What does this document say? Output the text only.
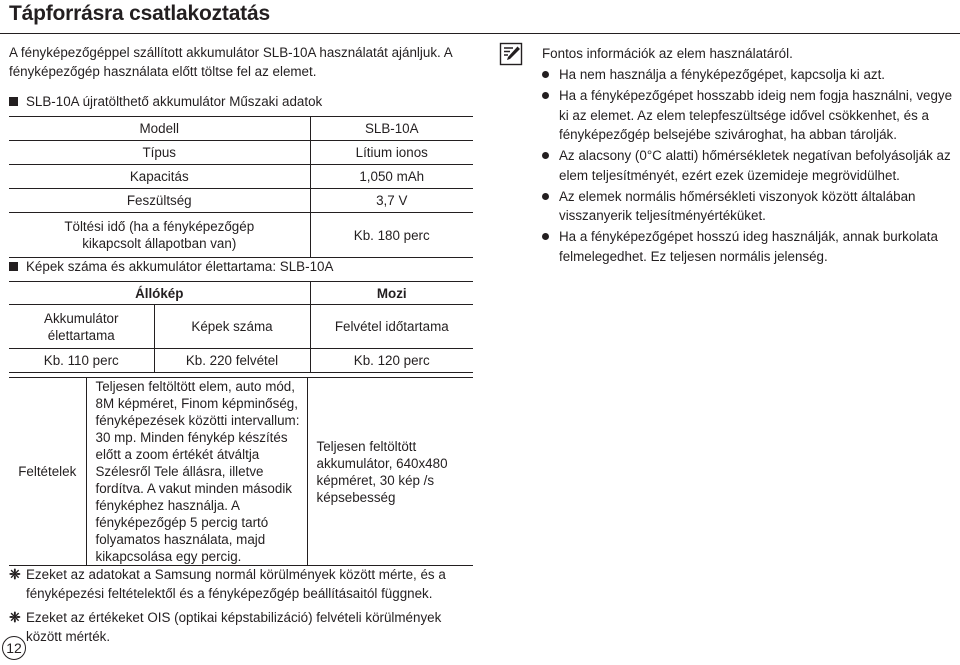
Tápforrásra csatlakoztatás
A fényképezőgéppel szállított akkumulátor SLB-10A használatát ajánljuk. A fényképezőgép használata előtt töltse fel az elemet.
SLB-10A újratölthető akkumulátor Műszaki adatok
Modell	SLB-10A
Típus	Lítium ionos
Kapacitás	1,050 mAh
Feszültség	3,7 V
Töltési idő (ha a fényképezőgép kikapcsolt állapotban van)	Kb. 180 perc
Képek száma és akkumulátor élettartama: SLB-10A
Állókép		Mozi
Akkumulátor élettartama	Képek száma	Felvétel időtartama
Kb. 110 perc	Kb. 220 felvétel	Kb. 120 perc
Feltételek	Teljesen feltöltött elem, auto mód, 8M képméret, Finom képminőség, fényképezések közötti intervallum: 30 mp. Minden fénykép készítés előtt a zoom értékét átváltja Szélesről Tele állásra, illetve fordítva. A vakut minden második fényképhez használja. A fényképezőgép 5 percig tartó folyamatos használata, majd kikapcsolása egy percig.	Teljesen feltöltött akkumulátor, 640x480 képméret, 30 kép /s képsebesség
❈ Ezeket az adatokat a Samsung normál körülmények között mérte, és a fényképezési feltételektől és a fényképezőgép beállításaitól függnek.
❈ Ezeket az értékeket OIS (optikai képstabilizáció) felvételi körülmények között mérték.
12
Fontos információk az elem használatáról.
Ha nem használja a fényképezőgépet, kapcsolja ki azt.
Ha a fényképezőgépet hosszabb ideig nem fogja használni, vegye ki az elemet. Az elem telepfeszültsége idővel csökkenhet, és a fényképezőgép belsejébe szivároghat, ha abban tárolják.
Az alacsony (0°C alatti) hőmérsékletek negatívan befolyásolják az elem teljesítményét, ezért ezek üzemideje megrövidülhet.
Az elemek normális hőmérsékleti viszonyok között általában visszanyerik teljesítményértéküket.
Ha a fényképezőgépet hosszú ideg használják, annak burkolata felmelegedhet. Ez teljesen normális jelenség.
